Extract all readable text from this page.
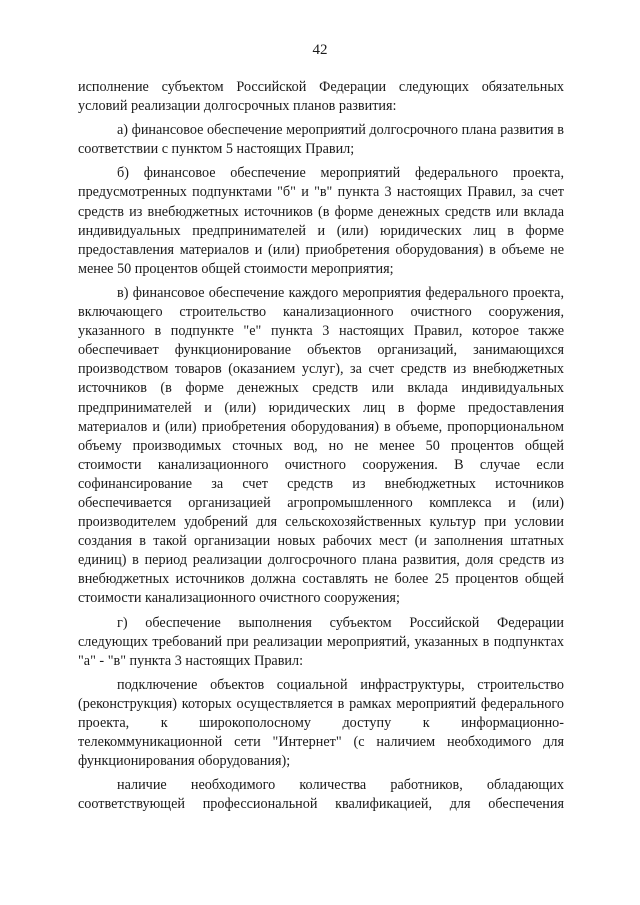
42

исполнение субъектом Российской Федерации следующих обязательных условий реализации долгосрочных планов развития:

а) финансовое обеспечение мероприятий долгосрочного плана развития в соответствии с пунктом 5 настоящих Правил;

б) финансовое обеспечение мероприятий федерального проекта, предусмотренных подпунктами "б" и "в" пункта 3 настоящих Правил, за счет средств из внебюджетных источников (в форме денежных средств или вклада индивидуальных предпринимателей и (или) юридических лиц в форме предоставления материалов и (или) приобретения оборудования) в объеме не менее 50 процентов общей стоимости мероприятия;

в) финансовое обеспечение каждого мероприятия федерального проекта, включающего строительство канализационного очистного сооружения, указанного в подпункте "е" пункта 3 настоящих Правил, которое также обеспечивает функционирование объектов организаций, занимающихся производством товаров (оказанием услуг), за счет средств из внебюджетных источников (в форме денежных средств или вклада индивидуальных предпринимателей и (или) юридических лиц в форме предоставления материалов и (или) приобретения оборудования) в объеме, пропорциональном объему производимых сточных вод, но не менее 50 процентов общей стоимости канализационного очистного сооружения. В случае если софинансирование за счет средств из внебюджетных источников обеспечивается организацией агропромышленного комплекса и (или) производителем удобрений для сельскохозяйственных культур при условии создания в такой организации новых рабочих мест (и заполнения штатных единиц) в период реализации долгосрочного плана развития, доля средств из внебюджетных источников должна составлять не более 25 процентов общей стоимости канализационного очистного сооружения;

г) обеспечение выполнения субъектом Российской Федерации следующих требований при реализации мероприятий, указанных в подпунктах "а" - "в" пункта 3 настоящих Правил:

подключение объектов социальной инфраструктуры, строительство (реконструкция) которых осуществляется в рамках мероприятий федерального проекта, к широкополосному доступу к информационно-телекоммуникационной сети "Интернет" (с наличием необходимого для функционирования оборудования);

наличие необходимого количества работников, обладающих соответствующей профессиональной квалификацией, для обеспечения
